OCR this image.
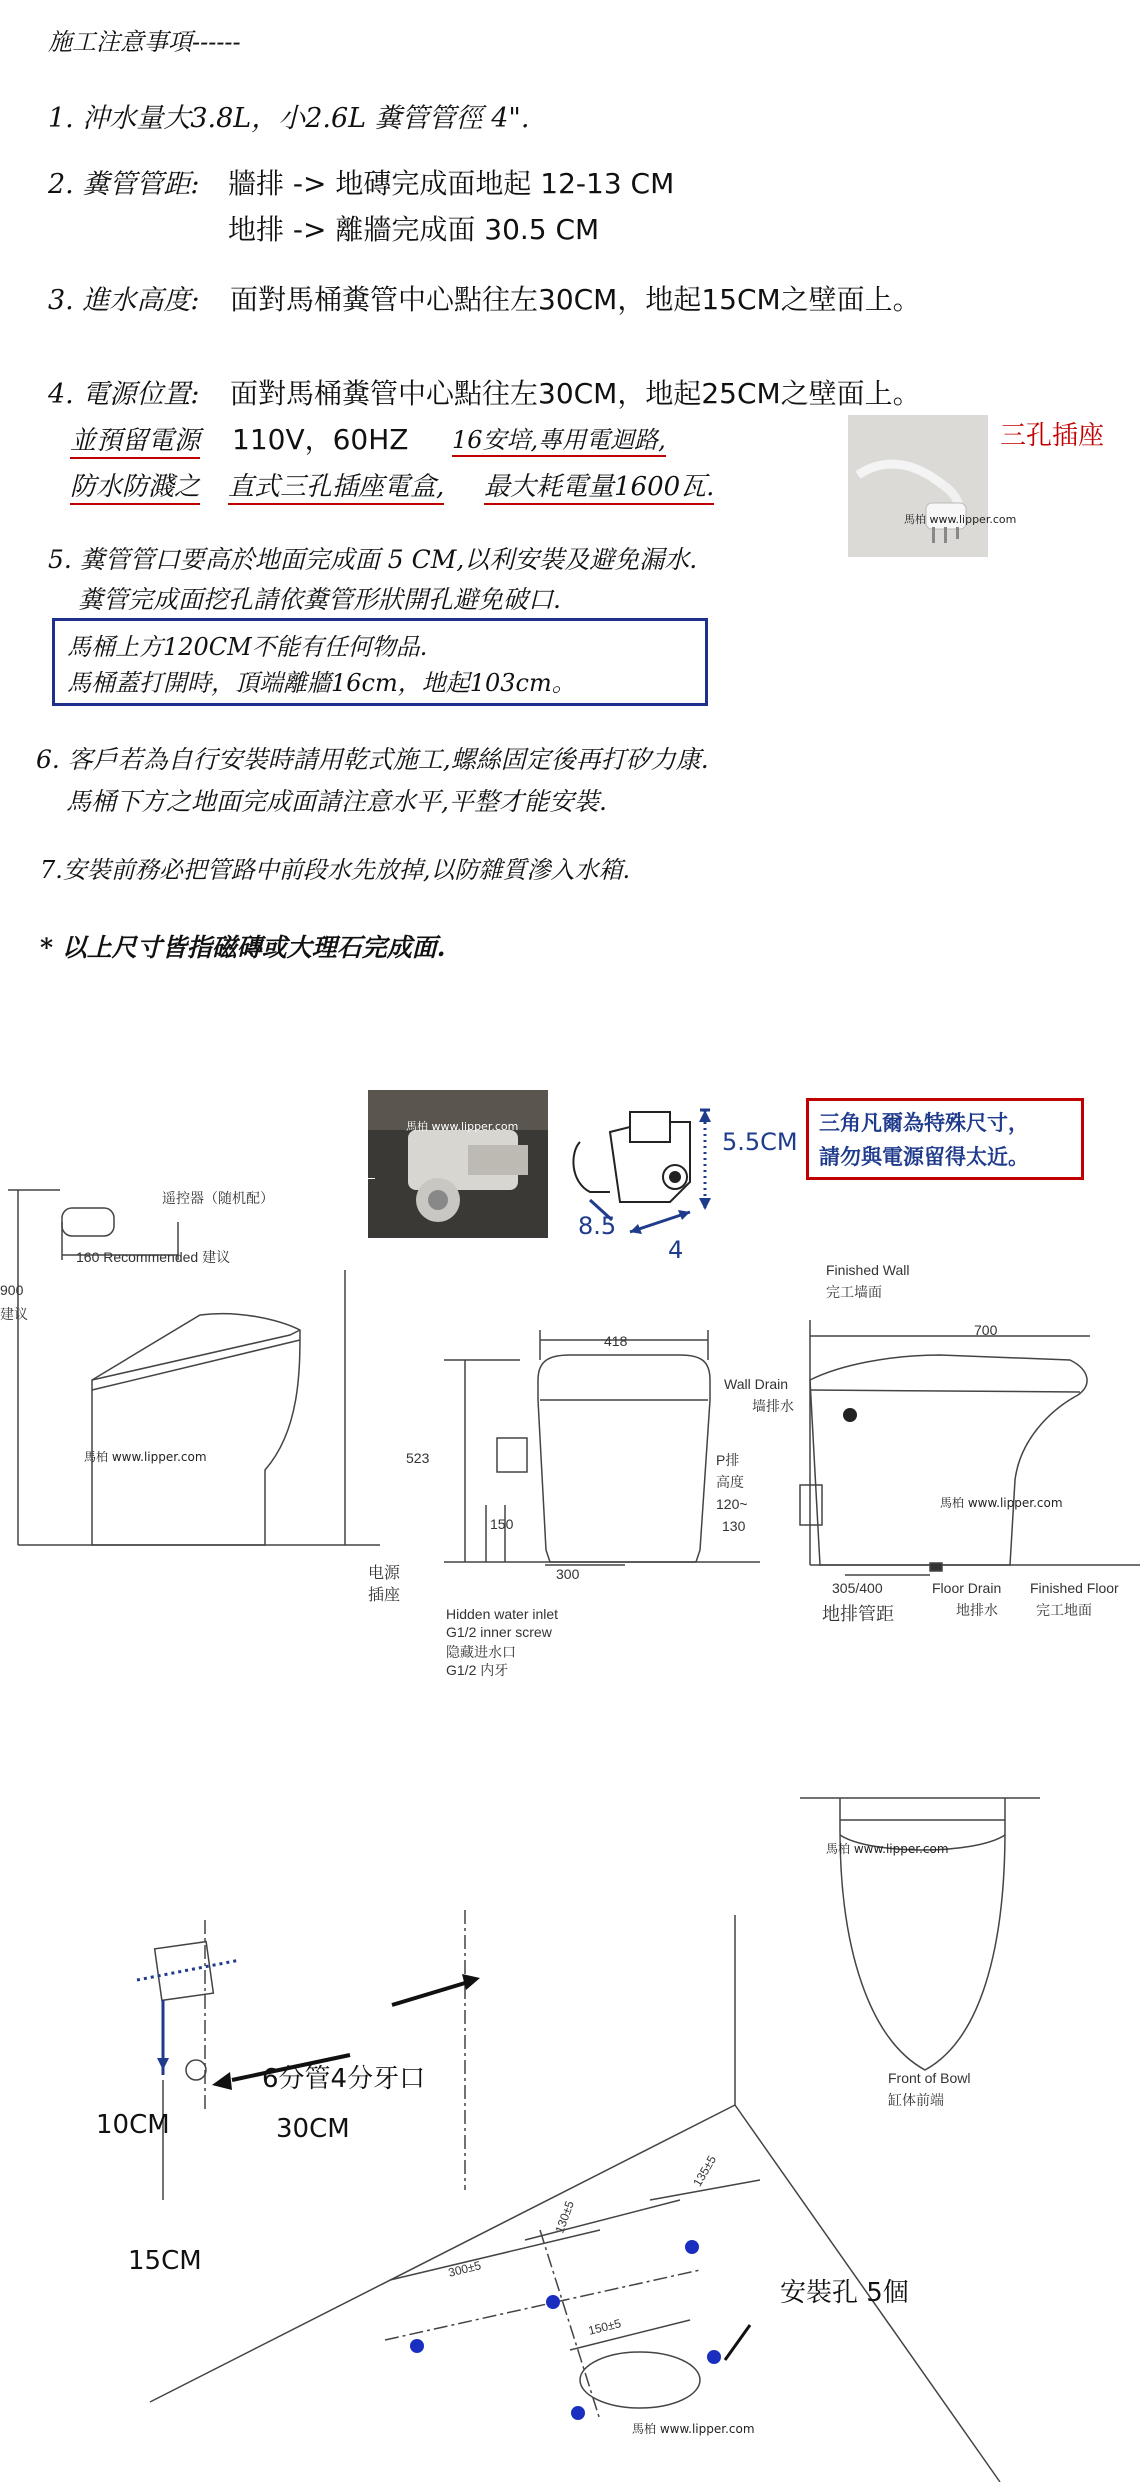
施工注意事項------
1. 沖水量大3.8L，小2.6L 糞管管徑 4".
2. 糞管管距: 牆排 -> 地磚完成面地起 12-13 CM
地排 -> 離牆完成面 30.5 CM
3. 進水高度: 面對馬桶糞管中心點往左30CM，地起15CM之壁面上。
4. 電源位置: 面對馬桶糞管中心點往左30CM，地起25CM之壁面上。
並預留電源 110V，60HZ 16安培,專用電迴路,
防水防濺之 直式三孔插座電盒, 最大耗電量1600瓦.
5. 糞管管口要高於地面完成面 5 CM,以利安裝及避免漏水.
糞管完成面挖孔請依糞管形狀開孔避免破口.
馬桶上方120CM不能有任何物品.
馬桶蓋打開時，頂端離牆16cm，地起103cm。
6. 客戶若為自行安裝時請用乾式施工,螺絲固定後再打矽力康.
馬桶下方之地面完成面請注意水平,平整才能安裝.
7.安裝前務必把管路中前段水先放掉,以防雜質滲入水箱.
* 以上尺寸皆指磁磚或大理石完成面.
馬柏 www.lipper.com
三孔插座
馬柏 www.lipper.com
5.5CM
8.5
4
三角凡爾為特殊尺寸，
請勿與電源留得太近。
遥控器（随机配）
160 Recommended 建议
900
建议
馬柏 www.lipper.com
418
523
150
300
电源
插座
Hidden water inlet
G1/2 inner screw
隐藏进水口
G1/2 内牙
Finished Wall
完工墙面
700
Wall Drain
墙排水
P排
高度
120~
130
馬柏 www.lipper.com
305/400
地排管距
Floor Drain
地排水
Finished Floor
完工地面
馬柏 www.lipper.com
Front of Bowl
缸体前端
6分管4分牙口
30CM
10CM
15CM
安裝孔 5個
135±5
130±5
300±5
150±5
馬柏 www.lipper.com
